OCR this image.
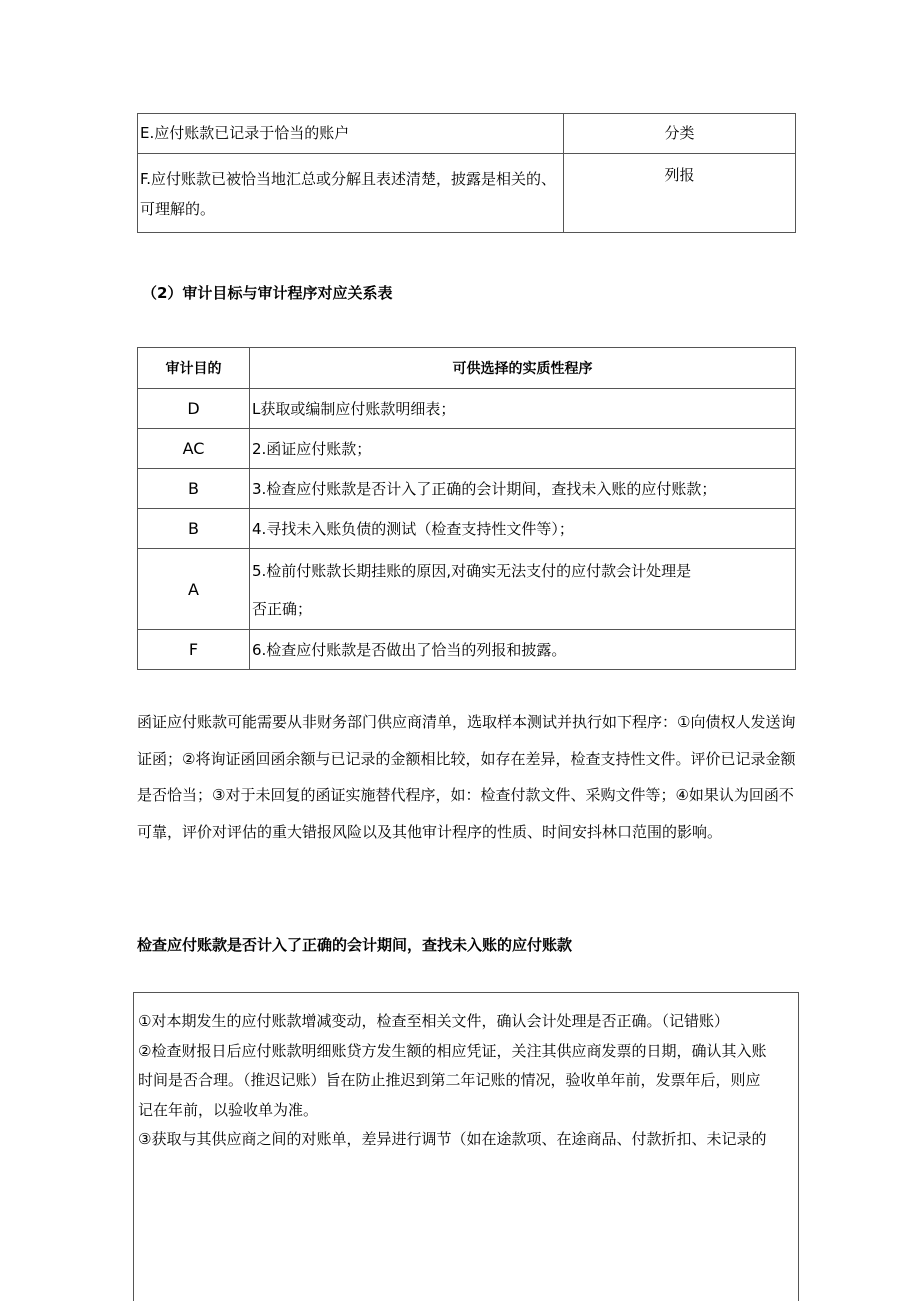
E.应付账款已记录于恰当的账户	分类
F.应付账款已被恰当地汇总或分解且表述清楚，披露是相关的、可理解的。	列报
（2）审计目标与审计程序对应关系表
审计目的	可供选择的实质性程序
D	L获取或编制应付账款明细表；
AC	2.函证应付账款；
B	3.检查应付账款是否计入了正确的会计期间，查找未入账的应付账款；
B	4.寻找未入账负债的测试（检查支持性文件等）；
A	5.检前付账款长期挂账的原因,对确实无法支付的应付款会计处理是
否正确；

F	6.检查应付账款是否做出了恰当的列报和披露。
函证应付账款可能需要从非财务部门供应商清单，选取样本测试并执行如下程序：①向债权人发送询证函；②将询证函回函余额与已记录的金额相比较，如存在差异，检查支持性文件。评价已记录金额是否恰当；③对于未回复的函证实施替代程序，如：检查付款文件、采购文件等；④如果认为回函不可靠，评价对评估的重大错报风险以及其他审计程序的性质、时间安抖林口范围的影响。
检查应付账款是否计入了正确的会计期间，查找未入账的应付账款
①对本期发生的应付账款增减变动，检查至相关文件，确认会计处理是否正确。（记错账）
②检查财报日后应付账款明细账贷方发生额的相应凭证，关注其供应商发票的日期，确认其入账
时间是否合理。（推迟记账）旨在防止推迟到第二年记账的情况，验收单年前，发票年后，则应
记在年前，以验收单为准。
③获取与其供应商之间的对账单，差异进行调节（如在途款项、在途商品、付款折扣、未记录的
